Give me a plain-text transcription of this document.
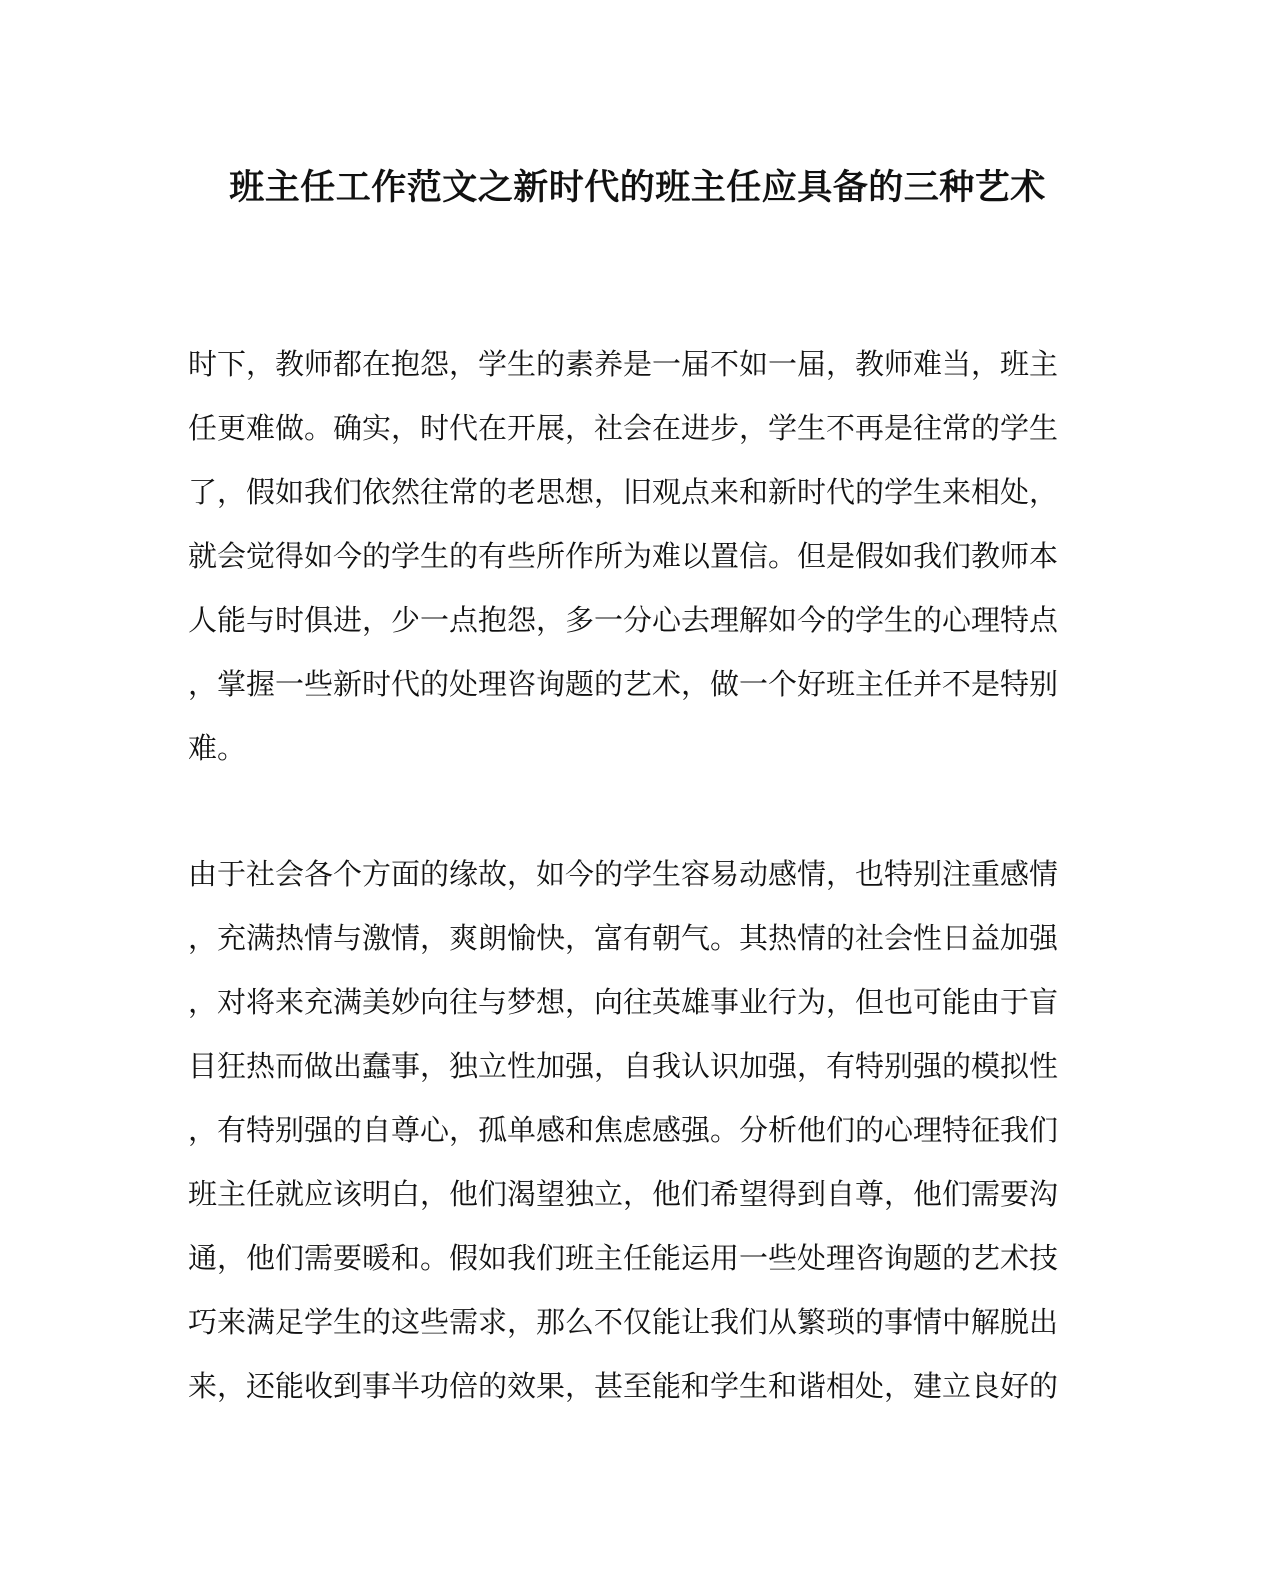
班主任工作范文之新时代的班主任应具备的三种艺术
时下，教师都在抱怨，学生的素养是一届不如一届，教师难当，班主
任更难做。确实，时代在开展，社会在进步，学生不再是往常的学生
了，假如我们依然往常的老思想，旧观点来和新时代的学生来相处，
就会觉得如今的学生的有些所作所为难以置信。但是假如我们教师本
人能与时俱进，少一点抱怨，多一分心去理解如今的学生的心理特点
，掌握一些新时代的处理咨询题的艺术，做一个好班主任并不是特别
难。
由于社会各个方面的缘故，如今的学生容易动感情，也特别注重感情
，充满热情与激情，爽朗愉快，富有朝气。其热情的社会性日益加强
，对将来充满美妙向往与梦想，向往英雄事业行为，但也可能由于盲
目狂热而做出蠢事，独立性加强，自我认识加强，有特别强的模拟性
，有特别强的自尊心，孤单感和焦虑感强。分析他们的心理特征我们
班主任就应该明白，他们渴望独立，他们希望得到自尊，他们需要沟
通，他们需要暖和。假如我们班主任能运用一些处理咨询题的艺术技
巧来满足学生的这些需求，那么不仅能让我们从繁琐的事情中解脱出
来，还能收到事半功倍的效果，甚至能和学生和谐相处，建立良好的
